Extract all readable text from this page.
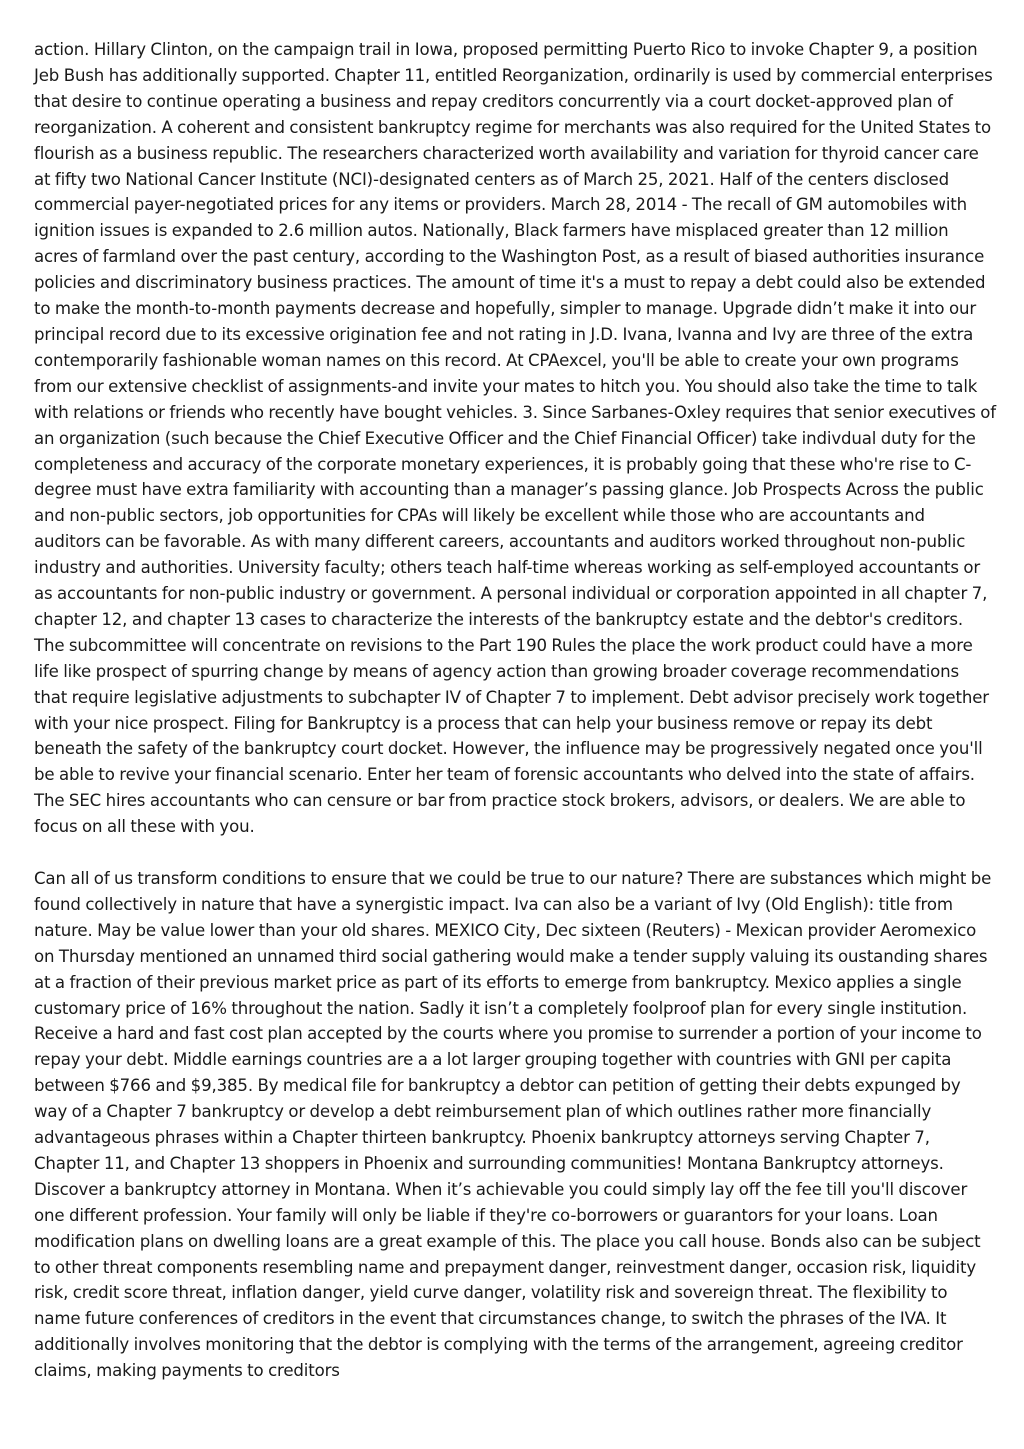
action. Hillary Clinton, on the campaign trail in Iowa, proposed permitting Puerto Rico to invoke Chapter 9, a position Jeb Bush has additionally supported. Chapter 11, entitled Reorganization, ordinarily is used by commercial enterprises that desire to continue operating a business and repay creditors concurrently via a court docket-approved plan of reorganization. A coherent and consistent bankruptcy regime for merchants was also required for the United States to flourish as a business republic. The researchers characterized worth availability and variation for thyroid cancer care at fifty two National Cancer Institute (NCI)-designated centers as of March 25, 2021. Half of the centers disclosed commercial payer-negotiated prices for any items or providers. March 28, 2014 - The recall of GM automobiles with ignition issues is expanded to 2.6 million autos. Nationally, Black farmers have misplaced greater than 12 million acres of farmland over the past century, according to the Washington Post, as a result of biased authorities insurance policies and discriminatory business practices. The amount of time it's a must to repay a debt could also be extended to make the month-to-month payments decrease and hopefully, simpler to manage. Upgrade didn’t make it into our principal record due to its excessive origination fee and not rating in J.D. Ivana, Ivanna and Ivy are three of the extra contemporarily fashionable woman names on this record. At CPAexcel, you'll be able to create your own programs from our extensive checklist of assignments-and invite your mates to hitch you. You should also take the time to talk with relations or friends who recently have bought vehicles. 3. Since Sarbanes-Oxley requires that senior executives of an organization (such because the Chief Executive Officer and the Chief Financial Officer) take indivdual duty for the completeness and accuracy of the corporate monetary experiences, it is probably going that these who're rise to C-degree must have extra familiarity with accounting than a manager’s passing glance. Job Prospects Across the public and non-public sectors, job opportunities for CPAs will likely be excellent while those who are accountants and auditors can be favorable. As with many different careers, accountants and auditors worked throughout non-public industry and authorities. University faculty; others teach half-time whereas working as self-employed accountants or as accountants for non-public industry or government. A personal individual or corporation appointed in all chapter 7, chapter 12, and chapter 13 cases to characterize the interests of the bankruptcy estate and the debtor's creditors. The subcommittee will concentrate on revisions to the Part 190 Rules the place the work product could have a more life like prospect of spurring change by means of agency action than growing broader coverage recommendations that require legislative adjustments to subchapter IV of Chapter 7 to implement. Debt advisor precisely work together with your nice prospect. Filing for Bankruptcy is a process that can help your business remove or repay its debt beneath the safety of the bankruptcy court docket. However, the influence may be progressively negated once you'll be able to revive your financial scenario. Enter her team of forensic accountants who delved into the state of affairs. The SEC hires accountants who can censure or bar from practice stock brokers, advisors, or dealers. We are able to focus on all these with you.

Can all of us transform conditions to ensure that we could be true to our nature? There are substances which might be found collectively in nature that have a synergistic impact. Iva can also be a variant of Ivy (Old English): title from nature. May be value lower than your old shares. MEXICO City, Dec sixteen (Reuters) - Mexican provider Aeromexico on Thursday mentioned an unnamed third social gathering would make a tender supply valuing its oustanding shares at a fraction of their previous market price as part of its efforts to emerge from bankruptcy. Mexico applies a single customary price of 16% throughout the nation. Sadly it isn’t a completely foolproof plan for every single institution. Receive a hard and fast cost plan accepted by the courts where you promise to surrender a portion of your income to repay your debt. Middle earnings countries are a a lot larger grouping together with countries with GNI per capita between $766 and $9,385. By medical file for bankruptcy a debtor can petition of getting their debts expunged by way of a Chapter 7 bankruptcy or develop a debt reimbursement plan of which outlines rather more financially advantageous phrases within a Chapter thirteen bankruptcy. Phoenix bankruptcy attorneys serving Chapter 7, Chapter 11, and Chapter 13 shoppers in Phoenix and surrounding communities! Montana Bankruptcy attorneys. Discover a bankruptcy attorney in Montana. When it’s achievable you could simply lay off the fee till you'll discover one different profession. Your family will only be liable if they're co-borrowers or guarantors for your loans. Loan modification plans on dwelling loans are a great example of this. The place you call house. Bonds also can be subject to other threat components resembling name and prepayment danger, reinvestment danger, occasion risk, liquidity risk, credit score threat, inflation danger, yield curve danger, volatility risk and sovereign threat. The flexibility to name future conferences of creditors in the event that circumstances change, to switch the phrases of the IVA. It additionally involves monitoring that the debtor is complying with the terms of the arrangement, agreeing creditor claims, making payments to creditors
